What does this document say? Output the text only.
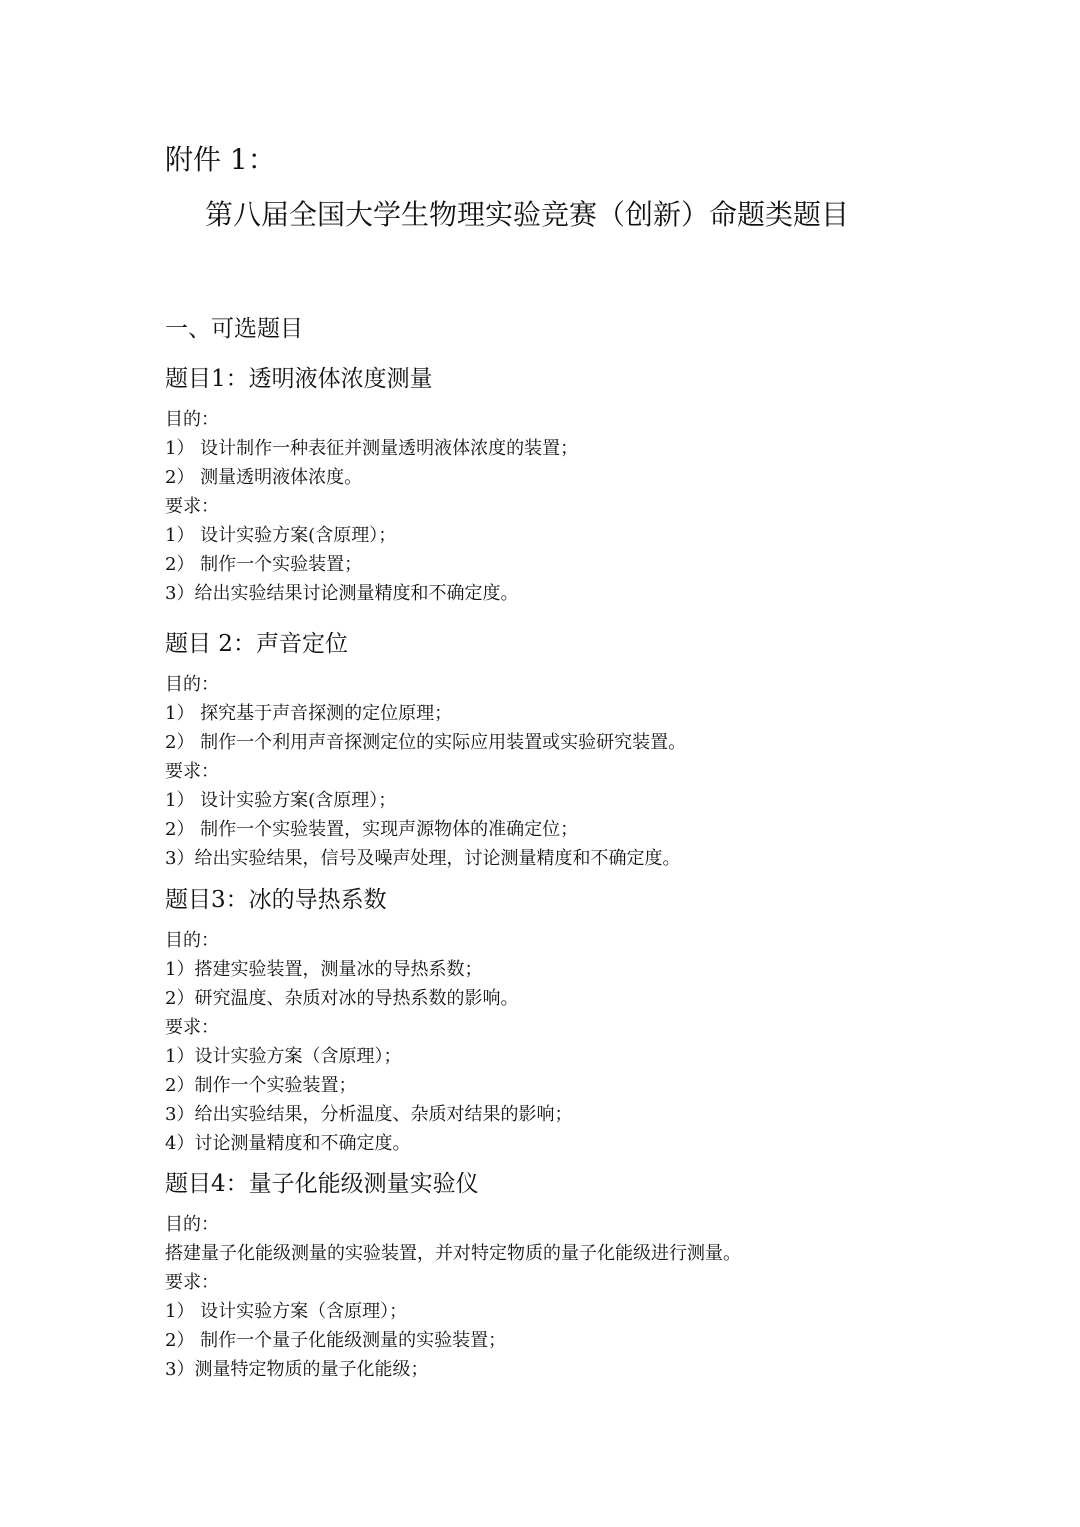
附件 1：
第八届全国大学生物理实验竞赛（创新）命题类题目
一、可选题目
题目1：透明液体浓度测量
目的：
1） 设计制作一种表征并测量透明液体浓度的装置；
2） 测量透明液体浓度。
要求：
1） 设计实验方案(含原理）；
2） 制作一个实验装置；
3）给出实验结果讨论测量精度和不确定度。
题目 2：声音定位
目的：
1） 探究基于声音探测的定位原理；
2） 制作一个利用声音探测定位的实际应用装置或实验研究装置。
要求：
1） 设计实验方案(含原理）；
2） 制作一个实验装置，实现声源物体的准确定位；
3）给出实验结果，信号及噪声处理，讨论测量精度和不确定度。
题目3：冰的导热系数
目的：
1）搭建实验装置，测量冰的导热系数；
2）研究温度、杂质对冰的导热系数的影响。
要求：
1）设计实验方案（含原理）；
2）制作一个实验装置；
3）给出实验结果，分析温度、杂质对结果的影响；
4）讨论测量精度和不确定度。
题目4：量子化能级测量实验仪
目的：
搭建量子化能级测量的实验装置，并对特定物质的量子化能级进行测量。
要求：
1） 设计实验方案（含原理）；
2） 制作一个量子化能级测量的实验装置；
3）测量特定物质的量子化能级；
